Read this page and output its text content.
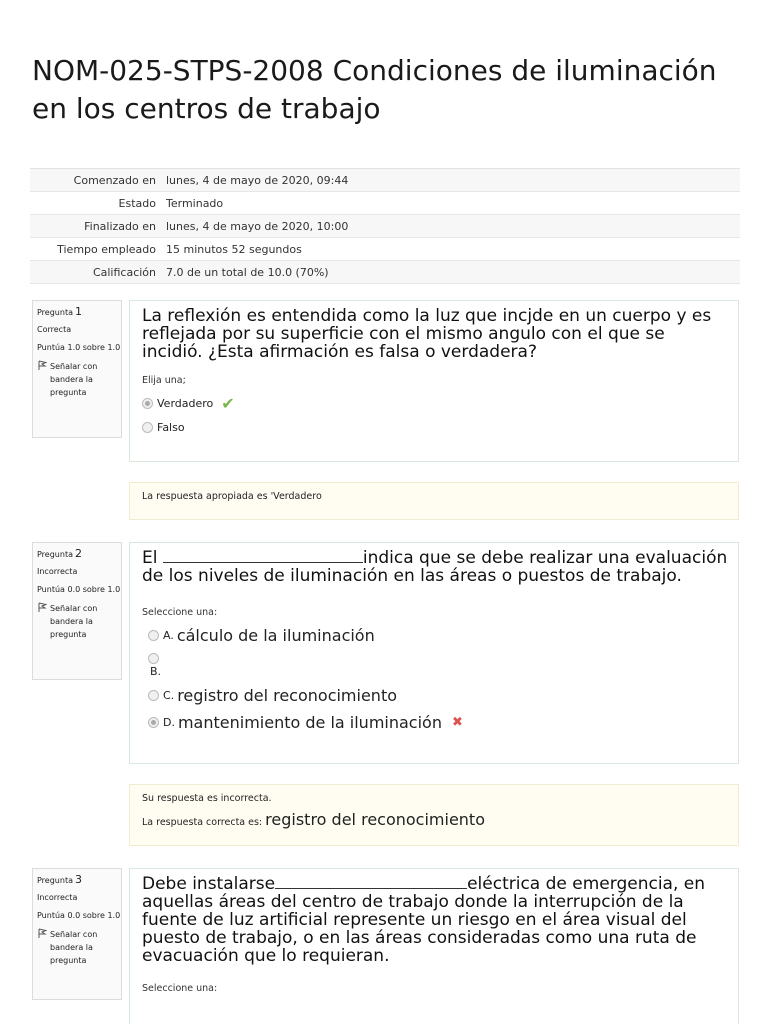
NOM-025-STPS-2008 Condiciones de iluminación en los centros de trabajo
Comenzado en lunes, 4 de mayo de 2020, 09:44
Estado Terminado
Finalizado en lunes, 4 de mayo de 2020, 10:00
Tiempo empleado 15 minutos 52 segundos
Calificación 7.0 de un total de 10.0 (70%)
Pregunta 1
Correcta
Puntúa 1.0 sobre 1.0
Señalar con bandera la pregunta

La reflexión es entendida como la luz que incjde en un cuerpo y es reflejada por su superficie con el mismo angulo con el que se incidió. ¿Esta afirmación es falsa o verdadera?

Elija una;
Verdadero ✔
Falso
La respuesta apropiada es 'Verdadero
Pregunta 2
Incorrecta
Puntúa 0.0 sobre 1.0
Señalar con bandera la pregunta

El	indica que se debe realizar una evaluación de los niveles de iluminación en las áreas o puestos de trabajo.

Seleccione una:
A. cálculo de la iluminación
B.
C. registro del reconocimiento
D. mantenimiento de la iluminación ✖
Su respuesta es incorrecta.
La respuesta correcta es: registro del reconocimiento
Pregunta 3
Incorrecta
Puntúa 0.0 sobre 1.0
Señalar con bandera la pregunta

Debe instalarse	eléctrica de emergencia, en aquellas áreas del centro de trabajo donde la interrupción de la fuente de luz artificial represente un riesgo en el área visual del puesto de trabajo, o en las áreas consideradas como una ruta de evacuación que lo requieran.

Seleccione una:
